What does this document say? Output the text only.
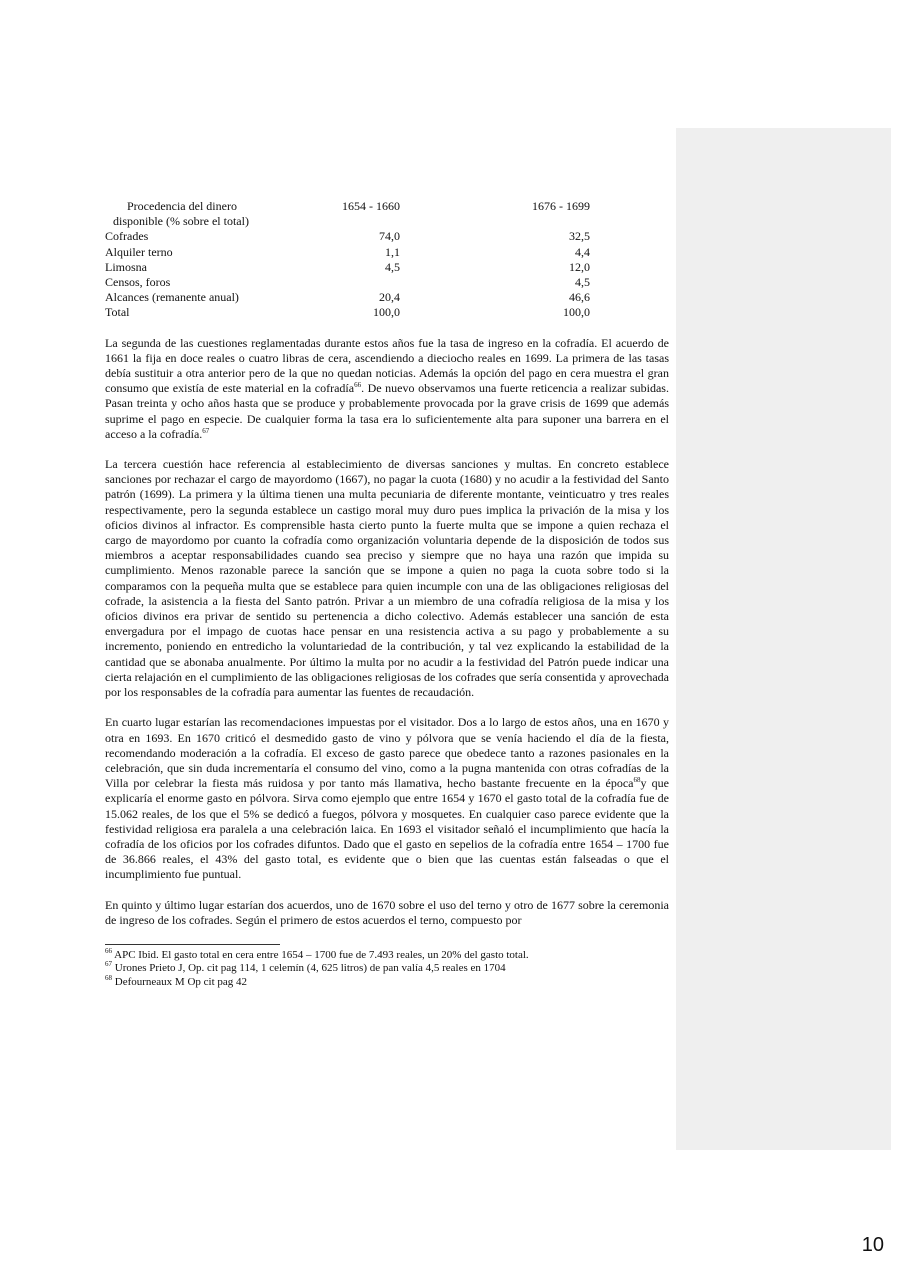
Procedencia del dinero	1654 - 1660		1676 - 1699
disponible (% sobre el total)			
Cofrades	74,0		32,5
Alquiler terno	1,1		4,4
Limosna	4,5		12,0
Censos, foros			4,5
Alcances (remanente anual)	20,4		46,6
Total	100,0		100,0

La segunda de las cuestiones reglamentadas durante estos años fue la tasa de ingreso en la cofradía. El acuerdo de 1661 la fija en doce reales o cuatro libras de cera, ascendiendo a dieciocho reales en 1699. La primera de las tasas debía sustituir a otra anterior pero de la que no quedan noticias. Además la opción del pago en cera muestra el gran consumo que existía de este material en la cofradía$^{66}$. De nuevo observamos una fuerte reticencia a realizar subidas. Pasan treinta y ocho años hasta que se produce y probablemente provocada por la grave crisis de 1699 que además suprime el pago en especie. De cualquier forma la tasa era lo suficientemente alta para suponer una barrera en el acceso a la cofradía.$^{67}$

La tercera cuestión hace referencia al establecimiento de diversas sanciones y multas. En concreto establece sanciones por rechazar el cargo de mayordomo (1667), no pagar la cuota (1680) y no acudir a la festividad del Santo patrón (1699). La primera y la última tienen una multa pecuniaria de diferente montante, veinticuatro y tres reales respectivamente, pero la segunda establece un castigo moral muy duro pues implica la privación de la misa y los oficios divinos al infractor. Es comprensible hasta cierto punto la fuerte multa que se impone a quien rechaza el cargo de mayordomo por cuanto la cofradía como organización voluntaria depende de la disposición de todos sus miembros a aceptar responsabilidades cuando sea preciso y siempre que no haya una razón que impida su cumplimiento. Menos razonable parece la sanción que se impone a quien no paga la cuota sobre todo si la comparamos con la pequeña multa que se establece para quien incumple con una de las obligaciones religiosas del cofrade, la asistencia a la fiesta del Santo patrón. Privar a un miembro de una cofradía religiosa de la misa y los oficios divinos era privar de sentido su pertenencia a dicho colectivo. Además establecer una sanción de esta envergadura por el impago de cuotas hace pensar en una resistencia activa a su pago y probablemente a su incremento, poniendo en entredicho la voluntariedad de la contribución, y tal vez explicando la estabilidad de la cantidad que se abonaba anualmente. Por último la multa por no acudir a la festividad del Patrón puede indicar una cierta relajación en el cumplimiento de las obligaciones religiosas de los cofrades que sería consentida y aprovechada por los responsables de la cofradía para aumentar las fuentes de recaudación.

En cuarto lugar estarían las recomendaciones impuestas por el visitador. Dos a lo largo de estos años, una en 1670 y otra en 1693. En 1670 criticó el desmedido gasto de vino y pólvora que se venía haciendo el día de la fiesta, recomendando moderación a la cofradía. El exceso de gasto parece que obedece tanto a razones pasionales en la celebración, que sin duda incrementaría el consumo del vino, como a la pugna mantenida con otras cofradías de la Villa por celebrar la fiesta más ruidosa y por tanto más llamativa, hecho bastante frecuente en la época$^{68}$y que explicaría el enorme gasto en pólvora. Sirva como ejemplo que entre 1654 y 1670 el gasto total de la cofradía fue de 15.062 reales, de los que el 5% se dedicó a fuegos, pólvora y mosquetes. En cualquier caso parece evidente que la festividad religiosa era paralela a una celebración laica. En 1693 el visitador señaló el incumplimiento que hacía la cofradía de los oficios por los cofrades difuntos. Dado que el gasto en sepelios de la cofradía entre 1654 – 1700 fue de 36.866 reales, el 43% del gasto total, es evidente que o bien que las cuentas están falseadas o que el incumplimiento fue puntual.

En quinto y último lugar estarían dos acuerdos, uno de 1670 sobre el uso del terno y otro de 1677 sobre la ceremonia de ingreso de los cofrades. Según el primero de estos acuerdos el terno, compuesto por

$^{66}$ APC Ibid. El gasto total en cera entre 1654 – 1700 fue de 7.493 reales, un 20% del gasto total.
$^{67}$ Urones Prieto J, Op. cit pag 114, 1 celemín (4, 625 litros) de pan valía 4,5 reales en 1704
$^{68}$ Defourneaux M Op cit pag 42
10
